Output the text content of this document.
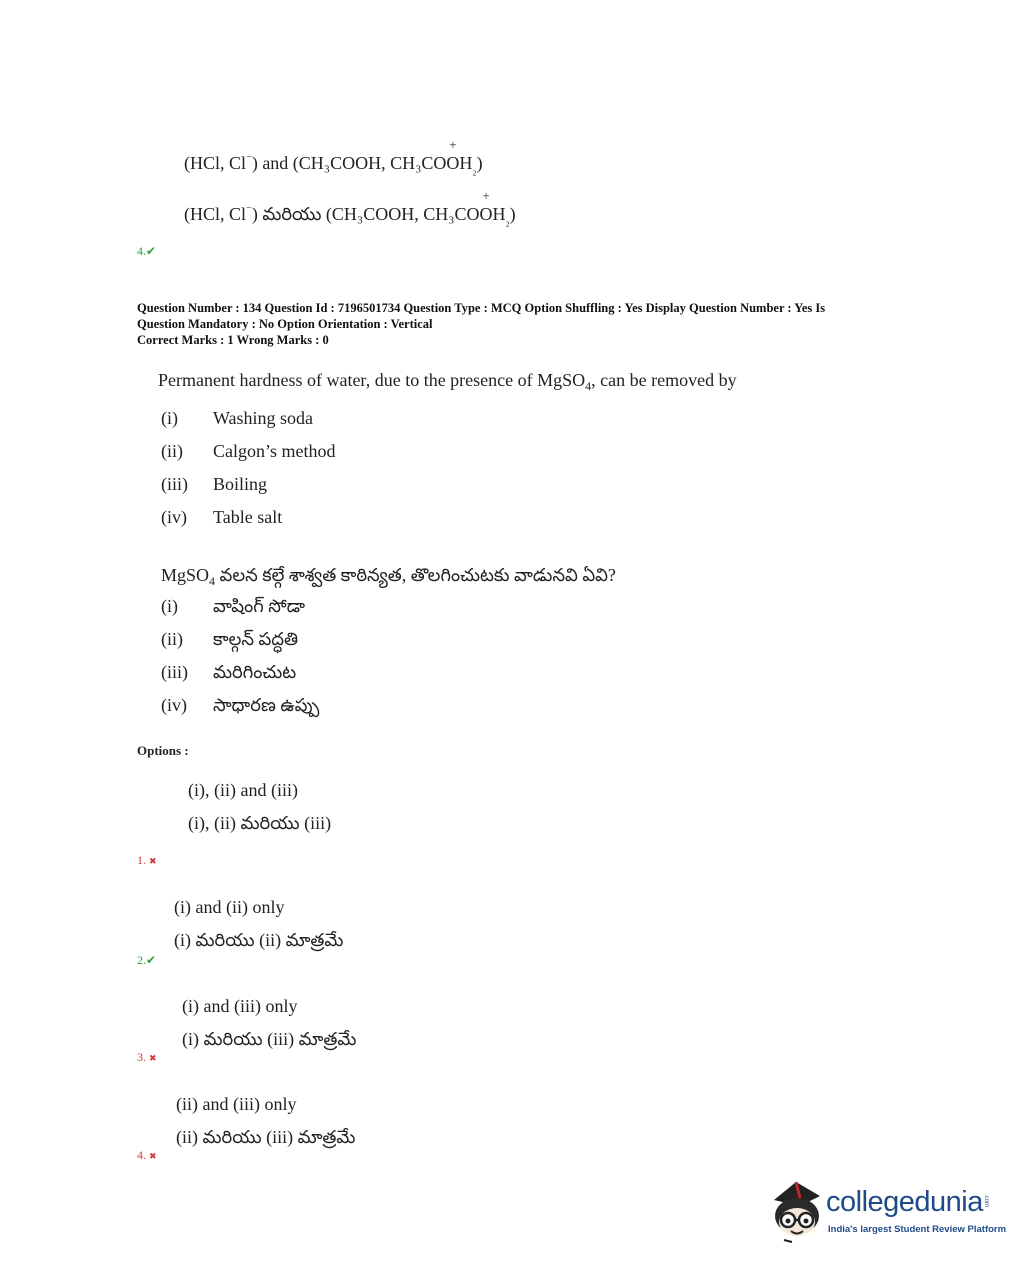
(HCl, Cl⁻) and (CH₃COOH, CH₃CO
+
$OH_{_2}$)
(HCl, Cl⁻) మరియు (CH₃COOH, CH₃CO
+
$OH_{_2}$)
4.✔
Question Number : 134 Question Id : 7196501734 Question Type : MCQ Option Shuffling : Yes Display Question Number : Yes Is
Question Mandatory : No Option Orientation : Vertical
Correct Marks : 1 Wrong Marks : 0
Permanent hardness of water, due to the presence of MgSO$_4$, can be removed by
(i)	Washing soda
(ii)	Calgon’s method
(iii)	Boiling
(iv)	Table salt
MgSO$_4$ వలన కల్గే శాశ్వత కాఠిన్యత, తొలగించుటకు వాడునవి ఏవి?
(i)	వాషింగ్ సోడా
(ii)	కాల్గన్ పద్ధతి
(iii)	మరిగించుట
(iv)	సాధారణ ఉప్పు
Options :
(i), (ii) and (iii)
(i), (ii) మరియు (iii)
1. ✖
(i) and (ii) only
(i) మరియు (ii) మాత్రమే
2.✔
(i) and (iii) only
(i) మరియు (iii) మాత్రమే
3. ✖
(ii) and (iii) only
(ii) మరియు (iii) మాత్రమే
4. ✖
collegedunia .com
India's largest Student Review Platform
